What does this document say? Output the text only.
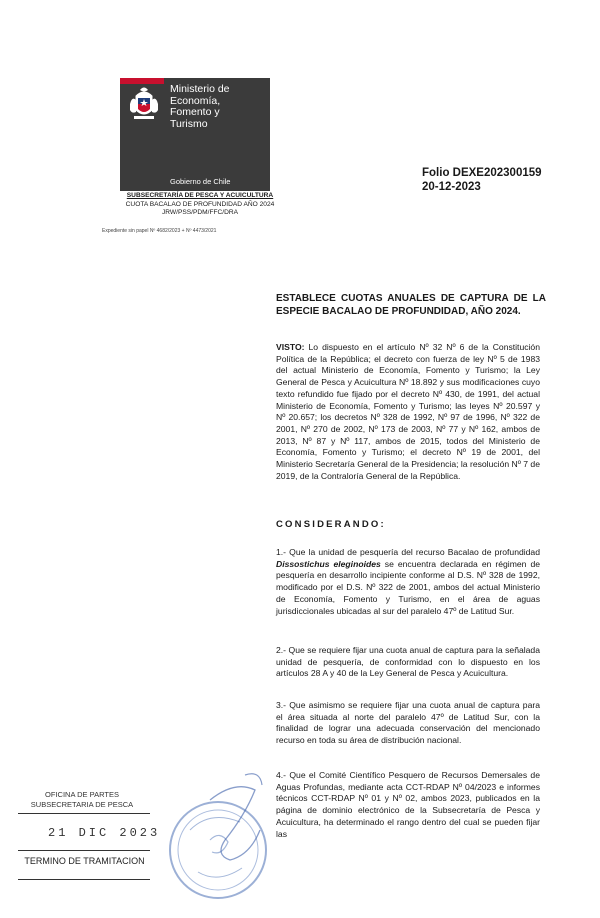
Ministerio de
Economía,
Fomento y
Turismo
Gobierno de Chile
SUBSECRETARÍA DE PESCA Y ACUICULTURA
CUOTA BACALAO DE PROFUNDIDAD AÑO 2024
JRW/PSS/PDM/FFC/DRA
Expediente sin papel Nº 4682/2023 + Nº 4473/2021
Folio DEXE202300159
20-12-2023
ESTABLECE CUOTAS ANUALES DE CAPTURA DE LA ESPECIE BACALAO DE PROFUNDIDAD, AÑO 2024.
VISTO: Lo dispuesto en el artículo Nº 32 Nº 6 de la Constitución Política de la República; el decreto con fuerza de ley Nº 5 de 1983 del actual Ministerio de Economía, Fomento y Turismo; la Ley General de Pesca y Acuicultura Nº 18.892 y sus modificaciones cuyo texto refundido fue fijado por el decreto Nº 430, de 1991, del actual Ministerio de Economía, Fomento y Turismo; las leyes Nº 20.597 y Nº 20.657; los decretos Nº 328 de 1992, Nº 97 de 1996, Nº 322 de 2001, Nº 270 de 2002, Nº 173 de 2003, Nº 77 y Nº 162, ambos de 2013, Nº 87 y Nº 117, ambos de 2015, todos del Ministerio de Economía, Fomento y Turismo; el decreto Nº 19 de 2001, del Ministerio Secretaría General de la Presidencia; la resolución Nº 7 de 2019, de la Contraloría General de la República.
CONSIDERANDO:
1.- Que la unidad de pesquería del recurso Bacalao de profundidad Dissostichus eleginoides se encuentra declarada en régimen de pesquería en desarrollo incipiente conforme al D.S. Nº 328 de 1992, modificado por el D.S. Nº 322 de 2001, ambos del actual Ministerio de Economía, Fomento y Turismo, en el área de aguas jurisdiccionales ubicadas al sur del paralelo 47º de Latitud Sur.
2.- Que se requiere fijar una cuota anual de captura para la señalada unidad de pesquería, de conformidad con lo dispuesto en los artículos 28 A y 40 de la Ley General de Pesca y Acuicultura.
3.- Que asimismo se requiere fijar una cuota anual de captura para el área situada al norte del paralelo 47º de Latitud Sur, con la finalidad de lograr una adecuada conservación del mencionado recurso en toda su área de distribución nacional.
4.- Que el Comité Científico Pesquero de Recursos Demersales de Aguas Profundas, mediante acta CCT-RDAP Nº 04/2023 e informes técnicos CCT-RDAP Nº 01 y Nº 02, ambos 2023, publicados en la página de dominio electrónico de la Subsecretaría de Pesca y Acuicultura, ha determinado el rango dentro del cual se pueden fijar las
OFICINA DE PARTES
SUBSECRETARIA DE PESCA
21 DIC 2023
TERMINO DE TRAMITACION
